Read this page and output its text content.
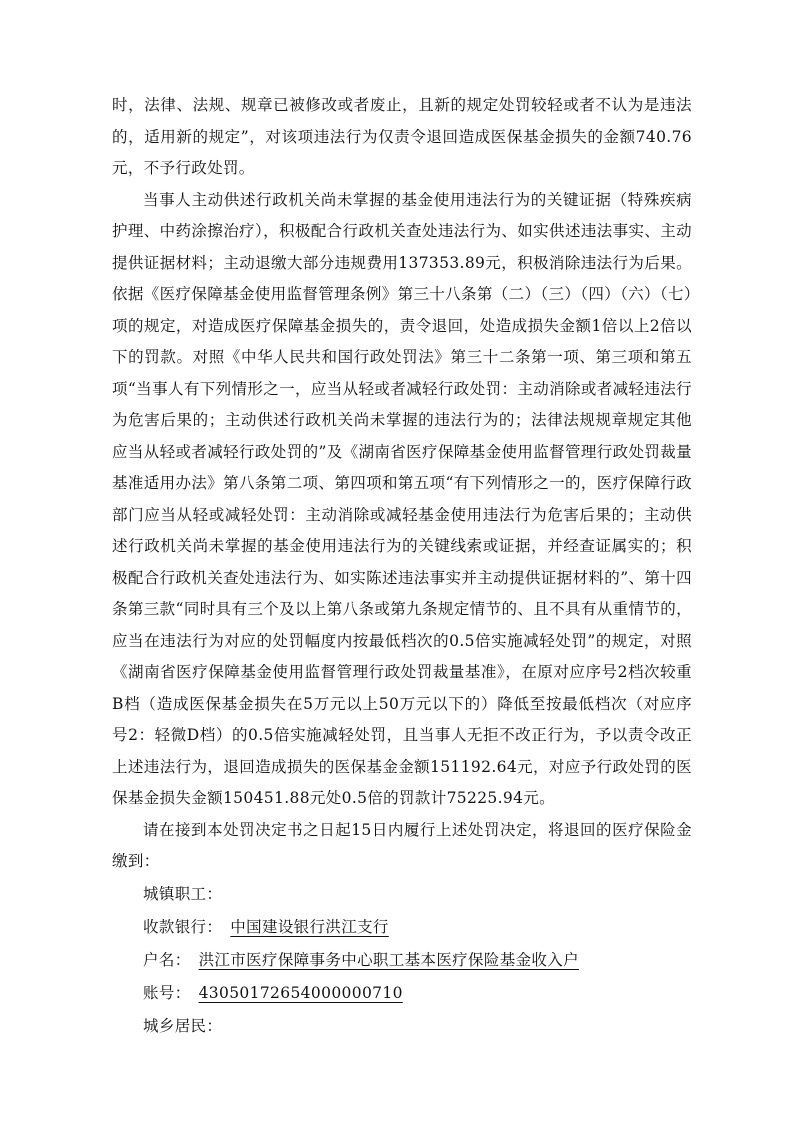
时，法律、法规、规章已被修改或者废止，且新的规定处罚较轻或者不认为是违法的，适用新的规定”，对该项违法行为仅责令退回造成医保基金损失的金额740.76元，不予行政处罚。

当事人主动供述行政机关尚未掌握的基金使用违法行为的关键证据（特殊疾病护理、中药涂擦治疗），积极配合行政机关查处违法行为、如实供述违法事实、主动提供证据材料；主动退缴大部分违规费用137353.89元，积极消除违法行为后果。依据《医疗保障基金使用监督管理条例》第三十八条第（二）（三）（四）（六）（七）项的规定，对造成医疗保障基金损失的，责令退回，处造成损失金额1倍以上2倍以下的罚款。对照《中华人民共和国行政处罚法》第三十二条第一项、第三项和第五项“当事人有下列情形之一，应当从轻或者减轻行政处罚：主动消除或者减轻违法行为危害后果的；主动供述行政机关尚未掌握的违法行为的；法律法规规章规定其他应当从轻或者减轻行政处罚的”及《湖南省医疗保障基金使用监督管理行政处罚裁量基准适用办法》第八条第二项、第四项和第五项“有下列情形之一的，医疗保障行政部门应当从轻或减轻处罚：主动消除或减轻基金使用违法行为危害后果的；主动供述行政机关尚未掌握的基金使用违法行为的关键线索或证据，并经查证属实的；积极配合行政机关查处违法行为、如实陈述违法事实并主动提供证据材料的”、第十四条第三款“同时具有三个及以上第八条或第九条规定情节的、且不具有从重情节的，应当在违法行为对应的处罚幅度内按最低档次的0.5倍实施减轻处罚”的规定，对照《湖南省医疗保障基金使用监督管理行政处罚裁量基准》，在原对应序号2档次较重B档（造成医保基金损失在5万元以上50万元以下的）降低至按最低档次（对应序号2：轻微D档）的0.5倍实施减轻处罚，且当事人无拒不改正行为，予以责令改正上述违法行为，退回造成损失的医保基金金额151192.64元，对应予行政处罚的医保基金损失金额150451.88元处0.5倍的罚款计75225.94元。

请在接到本处罚决定书之日起15日内履行上述处罚决定，将退回的医疗保险金缴到：

城镇职工：

收款银行： 中国建设银行洪江支行

户名： 洪江市医疗保障事务中心职工基本医疗保险基金收入户

账号： 43050172654000000710

城乡居民：
